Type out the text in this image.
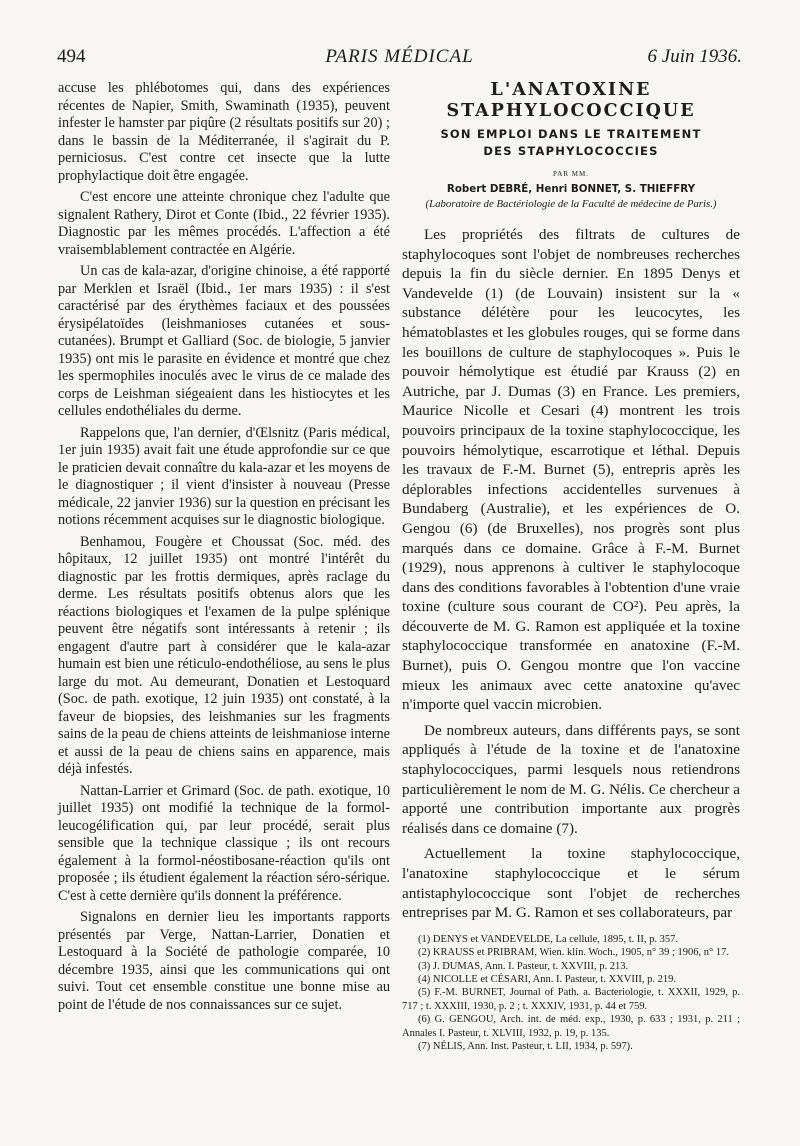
494	PARIS MÉDICAL	6 Juin 1936.

accuse les phlébotomes qui, dans des expériences récentes de Napier, Smith, Swaminath (1935), peuvent infester le hamster par piqûre (2 résultats positifs sur 20) ; dans le bassin de la Méditerranée, il s'agirait du P. perniciosus. C'est contre cet insecte que la lutte prophylactique doit être engagée.

C'est encore une atteinte chronique chez l'adulte que signalent Rathery, Dirot et Conte (Ibid., 22 février 1935). Diagnostic par les mêmes procédés. L'affection a été vraisemblablement contractée en Algérie.

Un cas de kala-azar, d'origine chinoise, a été rapporté par Merklen et Israël (Ibid., 1er mars 1935) : il s'est caractérisé par des érythèmes faciaux et des poussées érysipélatoïdes (leishmanioses cutanées et sous-cutanées). Brumpt et Galliard (Soc. de biologie, 5 janvier 1935) ont mis le parasite en évidence et montré que chez les spermophiles inoculés avec le virus de ce malade des corps de Leishman siégeaient dans les histiocytes et les cellules endothéliales du derme.

Rappelons que, l'an dernier, d'Œlsnitz (Paris médical, 1er juin 1935) avait fait une étude approfondie sur ce que le praticien devait connaître du kala-azar et les moyens de le diagnostiquer ; il vient d'insister à nouveau (Presse médicale, 22 janvier 1936) sur la question en précisant les notions récemment acquises sur le diagnostic biologique.

Benhamou, Fougère et Choussat (Soc. méd. des hôpitaux, 12 juillet 1935) ont montré l'intérêt du diagnostic par les frottis dermiques, après raclage du derme. Les résultats positifs obtenus alors que les réactions biologiques et l'examen de la pulpe splénique peuvent être négatifs sont intéressants à retenir ; ils engagent d'autre part à considérer que le kala-azar humain est bien une réticulo-endothéliose, au sens le plus large du mot. Au demeurant, Donatien et Lestoquard (Soc. de path. exotique, 12 juin 1935) ont constaté, à la faveur de biopsies, des leishmanies sur les fragments sains de la peau de chiens atteints de leishmaniose interne et aussi de la peau de chiens sains en apparence, mais déjà infestés.

Nattan-Larrier et Grimard (Soc. de path. exotique, 10 juillet 1935) ont modifié la technique de la formol-leucogélification qui, par leur procédé, serait plus sensible que la technique classique ; ils ont recours également à la formol-néostibosane-réaction qu'ils ont proposée ; ils étudient également la réaction séro-sérique. C'est à cette dernière qu'ils donnent la préférence.

Signalons en dernier lieu les importants rapports présentés par Verge, Nattan-Larrier, Donatien et Lestoquard à la Société de pathologie comparée, 10 décembre 1935, ainsi que les communications qui ont suivi. Tout cet ensemble constitue une bonne mise au point de l'étude de nos connaissances sur ce sujet.

L'ANATOXINE
STAPHYLOCOCCIQUE
SON EMPLOI DANS LE TRAITEMENT
DES STAPHYLOCOCCIES
PAR MM.
Robert DEBRÉ, Henri BONNET, S. THIEFFRY
(Laboratoire de Bactériologie de la Faculté de médecine de Paris.)

Les propriétés des filtrats de cultures de staphylocoques sont l'objet de nombreuses recherches depuis la fin du siècle dernier. En 1895 Denys et Vandevelde (1) (de Louvain) insistent sur la « substance délétère pour les leucocytes, les hématoblastes et les globules rouges, qui se forme dans les bouillons de culture de staphylocoques ». Puis le pouvoir hémolytique est étudié par Krauss (2) en Autriche, par J. Dumas (3) en France. Les premiers, Maurice Nicolle et Cesari (4) montrent les trois pouvoirs principaux de la toxine staphylococcique, les pouvoirs hémolytique, escarrotique et léthal. Depuis les travaux de F.-M. Burnet (5), entrepris après les déplorables infections accidentelles survenues à Bundaberg (Australie), et les expériences de O. Gengou (6) (de Bruxelles), nos progrès sont plus marqués dans ce domaine. Grâce à F.-M. Burnet (1929), nous apprenons à cultiver le staphylocoque dans des conditions favorables à l'obtention d'une vraie toxine (culture sous courant de CO²). Peu après, la découverte de M. G. Ramon est appliquée et la toxine staphylococcique transformée en anatoxine (F.-M. Burnet), puis O. Gengou montre que l'on vaccine mieux les animaux avec cette anatoxine qu'avec n'importe quel vaccin microbien.

De nombreux auteurs, dans différents pays, se sont appliqués à l'étude de la toxine et de l'anatoxine staphylococciques, parmi lesquels nous retiendrons particulièrement le nom de M. G. Nélis. Ce chercheur a apporté une contribution importante aux progrès réalisés dans ce domaine (7).

Actuellement la toxine staphylococcique, l'anatoxine staphylococcique et le sérum antistaphylococcique sont l'objet de recherches entreprises par M. G. Ramon et ses collaborateurs, par

(1) DENYS et VANDEVELDE, La cellule, 1895, t. II, p. 357.

(2) KRAUSS et PRIBRAM, Wien. klin. Woch., 1905, n° 39 ; 1906, n° 17.

(3) J. DUMAS, Ann. I. Pasteur, t. XXVIII, p. 213.

(4) NICOLLE et CÉSARI, Ann. I. Pasteur, t. XXVIII, p. 219.

(5) F.-M. BURNET, Journal of Path. a. Bacteriologie, t. XXXII, 1929, p. 717 ; t. XXXIII, 1930, p. 2 ; t. XXXIV, 1931, p. 44 et 759.

(6) G. GENGOU, Arch. int. de méd. exp., 1930, p. 633 ; 1931, p. 211 ; Annales I. Pasteur, t. XLVIII, 1932, p. 19, p. 135.

(7) NÉLIS, Ann. Inst. Pasteur, t. LII, 1934, p. 597).
